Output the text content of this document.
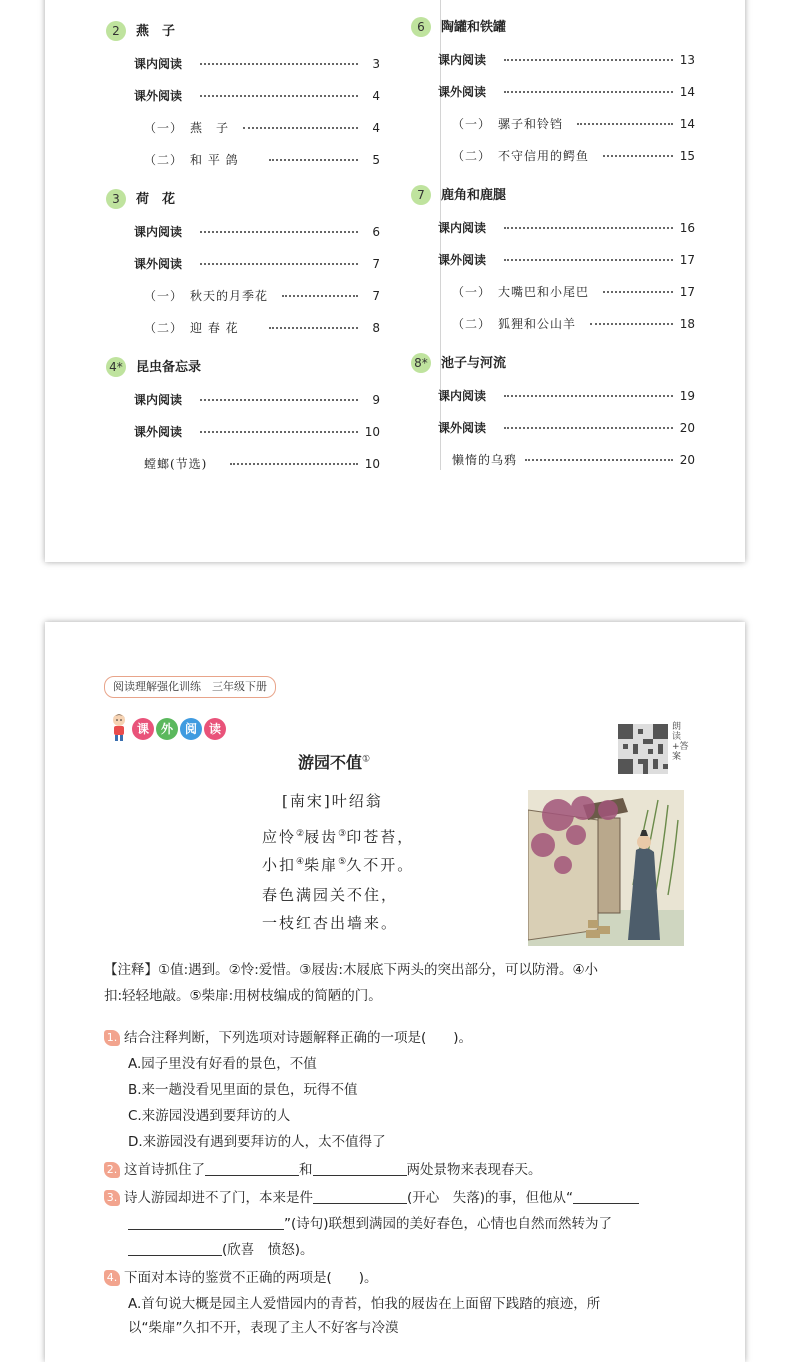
2 燕　子
课内阅读	3
课外阅读	4
（一）　燕　子	4
（二）　和 平 鸽	5
3 荷　花
课内阅读	6
课外阅读	7
（一）　秋天的月季花	7
（二）　迎 春 花	8
4* 昆虫备忘录
课内阅读	9
课外阅读	10
螳螂(节选)	10
6 陶罐和铁罐
课内阅读	13
课外阅读	14
（一）　骡子和铃铛	14
（二）　不守信用的鳄鱼	15
7 鹿角和鹿腿
课内阅读	16
课外阅读	17
（一）　大嘴巴和小尾巴	17
（二）　狐狸和公山羊	18
8* 池子与河流
课内阅读	19
课外阅读	20
懒惰的乌鸦	20
阅读理解强化训练　三年级下册
课 外 阅 读	朗读+答案
游园不值①
[南宋]叶绍翁
应怜②屐齿③印苍苔，
小扣④柴扉⑤久不开。
春色满园关不住，
一枝红杏出墙来。
【注释】①值:遇到。②怜:爱惜。③屐齿:木屐底下两头的突出部分，可以防滑。④小
扣:轻轻地敲。⑤柴扉:用树枝编成的简陋的门。
1. 结合注释判断，下列选项对诗题解释正确的一项是(　　)。
A.园子里没有好看的景色，不值
B.来一趟没看见里面的景色，玩得不值
C.来游园没遇到要拜访的人
D.来游园没有遇到要拜访的人，太不值得了
2. 这首诗抓住了	和	两处景物来表现春天。
3. 诗人游园却进不了门，本来是件	(开心　失落)的事，但他从“
”(诗句)联想到满园的美好春色，心情也自然而然转为了
(欣喜　愤怒)。
4. 下面对本诗的鉴赏不正确的两项是(　　)。
A.首句说大概是园主人爱惜园内的青苔，怕我的屐齿在上面留下践踏的痕迹，所
以“柴扉”久扣不开，表现了主人不好客与冷漠
